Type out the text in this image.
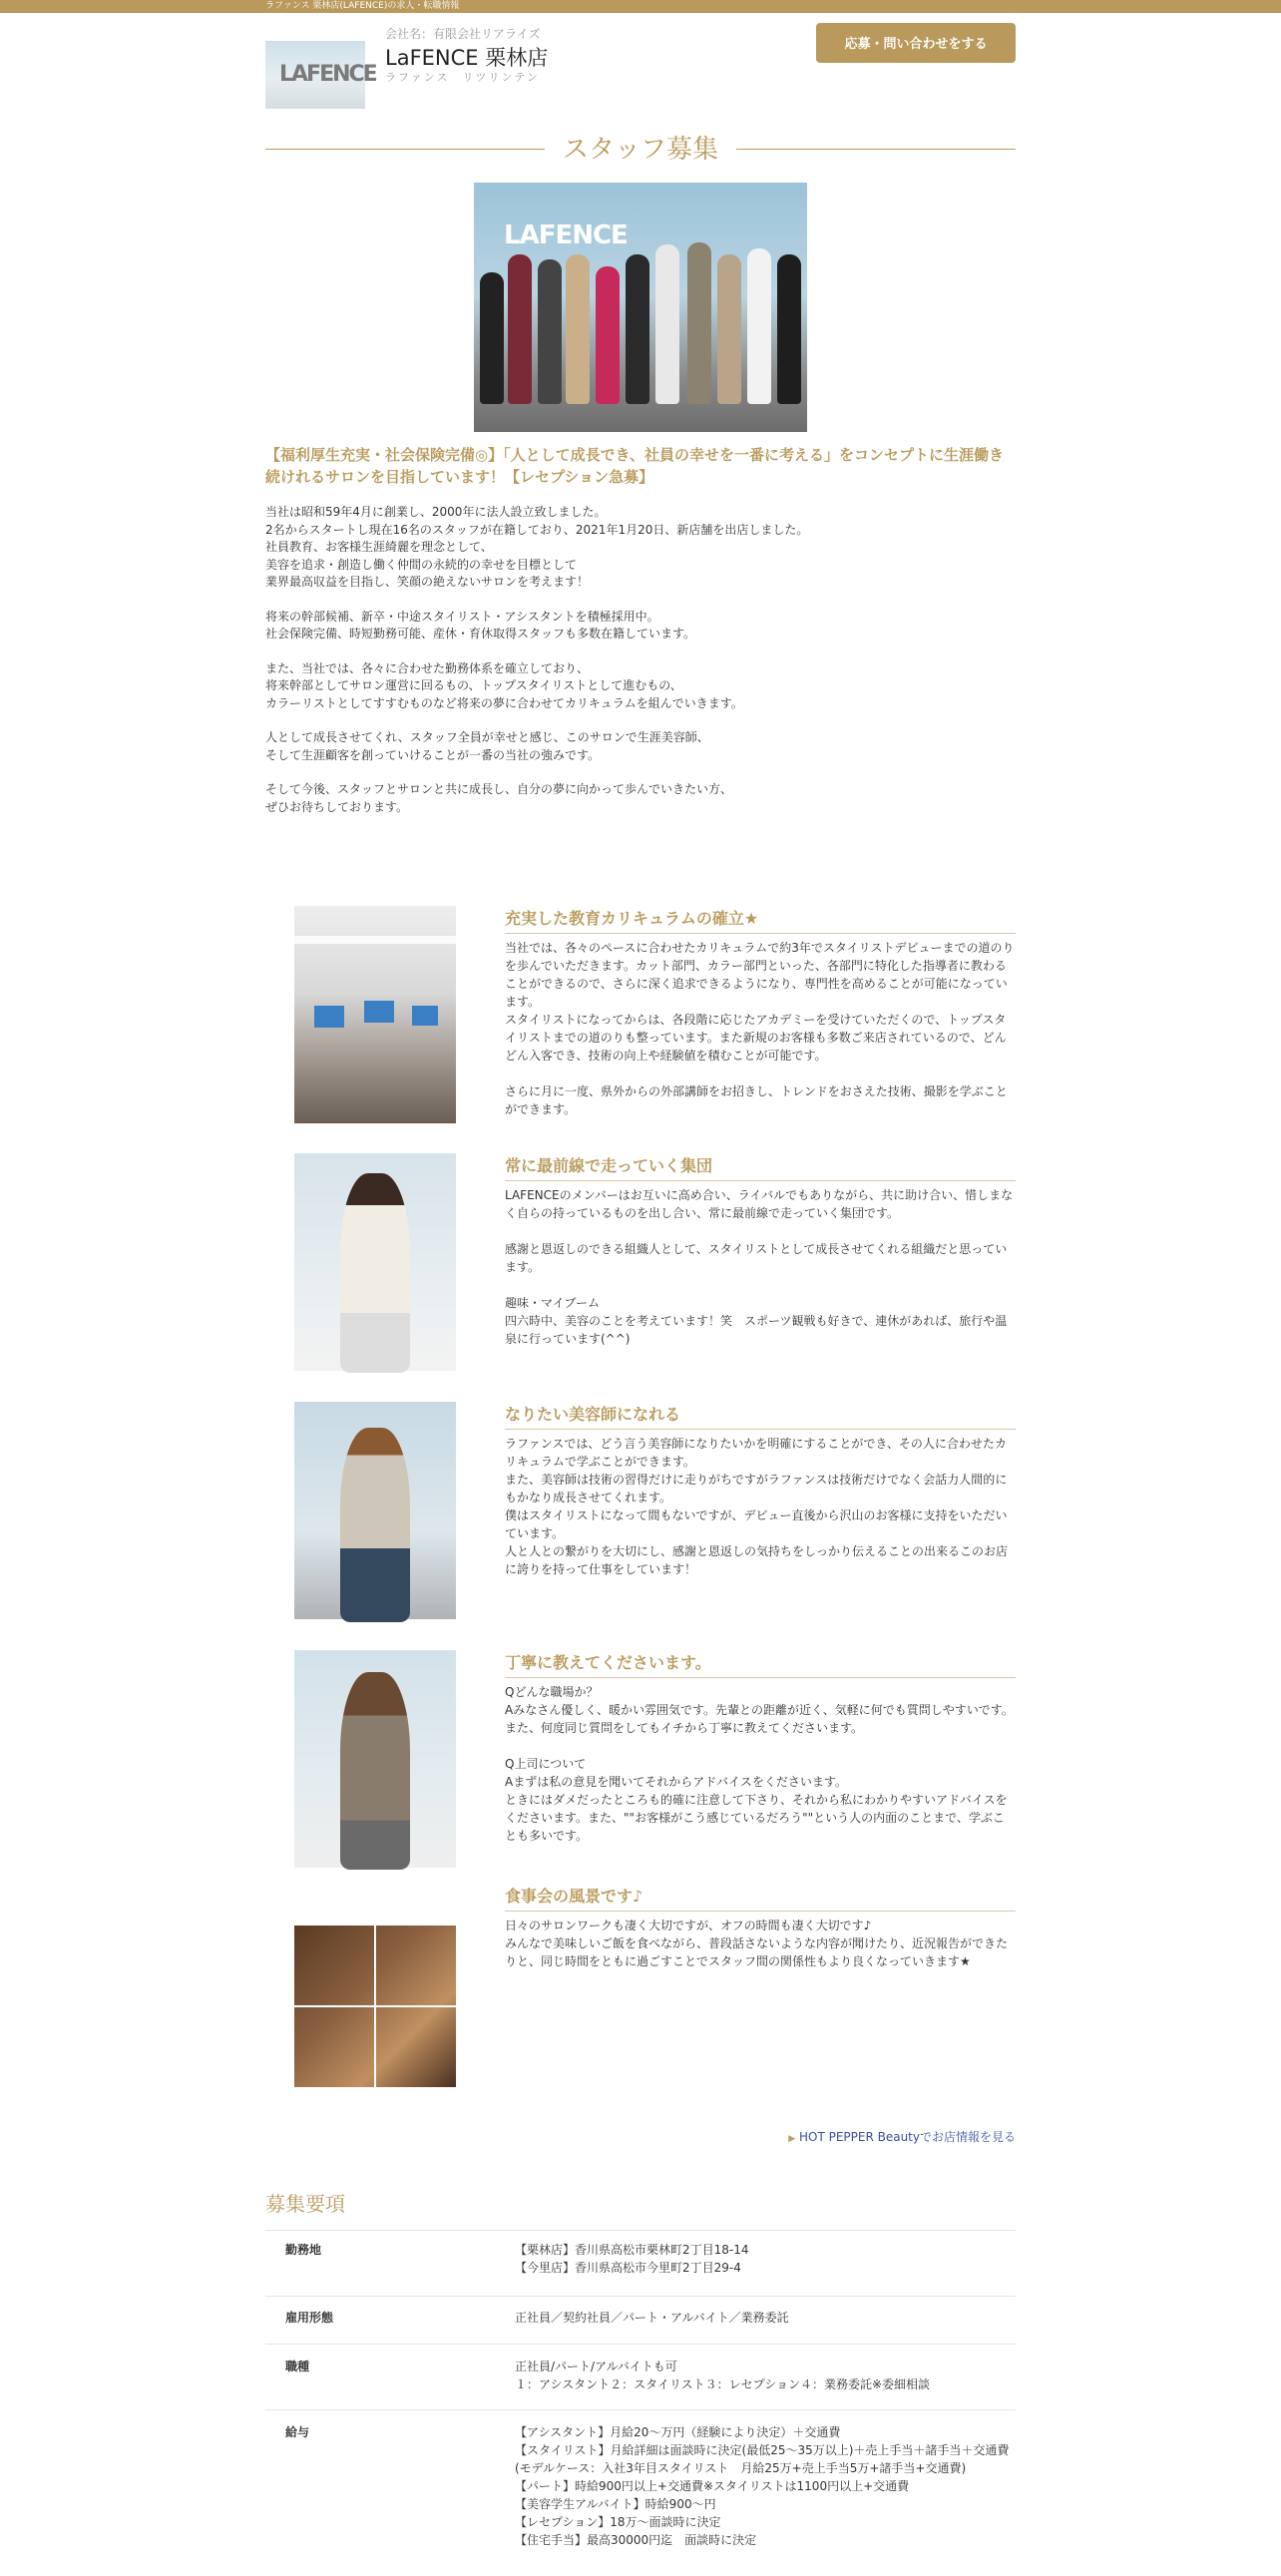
ラファンス 栗林店(LAFENCE)の求人・転職情報
LAFENCE
会社名：有限会社リアライズ
LaFENCE 栗林店
ラファンス　リツリンテン
応募・問い合わせをする
スタッフ募集
LAFENCE
【福利厚生充実・社会保険完備◎】「人として成長でき、社員の幸せを一番に考える」をコンセプトに生涯働き続けれるサロンを目指しています！【レセプション急募】
当社は昭和59年4月に創業し、2000年に法人設立致しました。
2名からスタートし現在16名のスタッフが在籍しており、2021年1月20日、新店舗を出店しました。
社員教育、お客様生涯綺麗を理念として、
美容を追求・創造し働く仲間の永続的の幸せを目標として
業界最高収益を目指し、笑顔の絶えないサロンを考えます！
将来の幹部候補、新卒・中途スタイリスト・アシスタントを積極採用中。
社会保険完備、時短勤務可能、産休・育休取得スタッフも多数在籍しています。
また、当社では、各々に合わせた勤務体系を確立しており、
将来幹部としてサロン運営に回るもの、トップスタイリストとして進むもの、
カラーリストとしてすすむものなど将来の夢に合わせてカリキュラムを組んでいきます。
人として成長させてくれ、スタッフ全員が幸せと感じ、このサロンで生涯美容師、
そして生涯顧客を創っていけることが一番の当社の強みです。
そして今後、スタッフとサロンと共に成長し、自分の夢に向かって歩んでいきたい方、
ぜひお待ちしております。
充実した教育カリキュラムの確立★
当社では、各々のペースに合わせたカリキュラムで約3年でスタイリストデビューまでの道のりを歩んでいただきます。カット部門、カラー部門といった、各部門に特化した指導者に教わることができるので、さらに深く追求できるようになり、専門性を高めることが可能になっています。
スタイリストになってからは、各段階に応じたアカデミーを受けていただくので、トップスタイリストまでの道のりも整っています。また新規のお客様も多数ご来店されているので、どんどん入客でき、技術の向上や経験値を積むことが可能です。

さらに月に一度、県外からの外部講師をお招きし、トレンドをおさえた技術、撮影を学ぶことができます。
常に最前線で走っていく集団
LAFENCEのメンバーはお互いに高め合い、ライバルでもありながら、共に助け合い、惜しまなく自らの持っているものを出し合い、常に最前線で走っていく集団です。

感謝と恩返しのできる組織人として、スタイリストとして成長させてくれる組織だと思っています。

趣味・マイブーム
四六時中、美容のことを考えています！笑　スポーツ観戦も好きで、連休があれば、旅行や温泉に行っています(^^)
なりたい美容師になれる
ラファンスでは、どう言う美容師になりたいかを明確にすることができ、その人に合わせたカリキュラムで学ぶことができます。
また、美容師は技術の習得だけに走りがちですがラファンスは技術だけでなく会話力人間的にもかなり成長させてくれます。
僕はスタイリストになって間もないですが、デビュー直後から沢山のお客様に支持をいただいています。
人と人との繋がりを大切にし、感謝と恩返しの気持ちをしっかり伝えることの出来るこのお店に誇りを持って仕事をしています！
丁寧に教えてくださいます。
Qどんな職場か？
Aみなさん優しく、暖かい雰囲気です。先輩との距離が近く、気軽に何でも質問しやすいです。また、何度同じ質問をしてもイチから丁寧に教えてくださいます。

Q上司について
Aまずは私の意見を聞いてそれからアドバイスをくださいます。
ときにはダメだったところも的確に注意して下さり、それから私にわかりやすいアドバイスをくださいます。また、""お客様がこう感じているだろう""という人の内面のことまで、学ぶことも多いです。
食事会の風景です♪
日々のサロンワークも凄く大切ですが、オフの時間も凄く大切です♪
みんなで美味しいご飯を食べながら、普段話さないような内容が聞けたり、近況報告ができたりと、同じ時間をともに過ごすことでスタッフ間の関係性もより良くなっていきます★
▶ HOT PEPPER Beautyでお店情報を見る
募集要項
勤務地	【栗林店】香川県高松市栗林町2丁目18-14
【今里店】香川県高松市今里町2丁目29-4
雇用形態	正社員／契約社員／パート・アルバイト／業務委託
職種	正社員/パート/アルバイトも可
１：アシスタント２：スタイリスト３：レセプション４：業務委託※委細相談
給与	【アシスタント】月給20～万円（経験により決定）＋交通費
【スタイリスト】月給詳細は面談時に決定(最低25～35万以上)＋売上手当＋諸手当＋交通費
(モデルケース：入社3年目スタイリスト　月給25万+売上手当5万+諸手当+交通費)
【パート】時給900円以上+交通費※スタイリストは1100円以上+交通費
【美容学生アルバイト】時給900～円
【レセプション】18万～面談時に決定
【住宅手当】最高30000円迄　面談時に決定
